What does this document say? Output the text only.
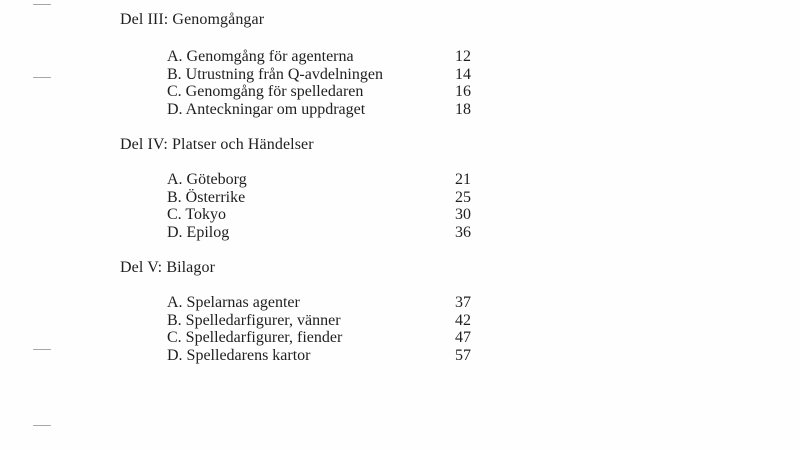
Del III: Genomgångar
A. Genomgång för agenterna	12
B. Utrustning från Q-avdelningen	14
C. Genomgång för spelledaren	16
D. Anteckningar om uppdraget	18
Del IV: Platser och Händelser
A. Göteborg	21
B. Österrike	25
C. Tokyo	30
D. Epilog	36
Del V: Bilagor
A. Spelarnas agenter	37
B. Spelledarfigurer, vänner	42
C. Spelledarfigurer, fiender	47
D. Spelledarens kartor	57
